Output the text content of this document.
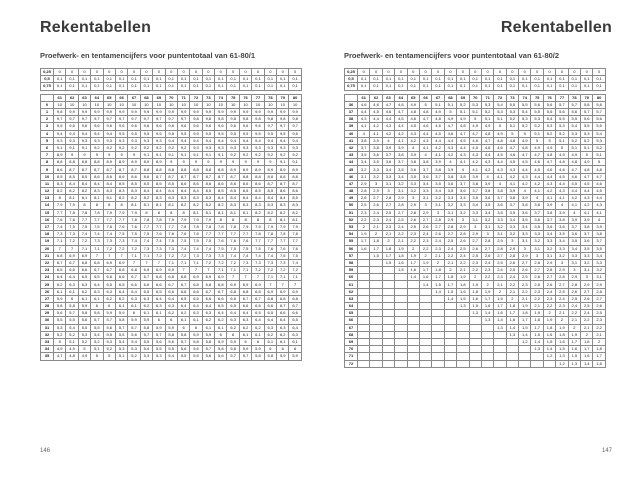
Rekentabellen
Proefwerk- en tentamencijfers voor puntentotaal van 61-80/1
0,25	0	0	0	0	0	0	0	0	0	0	0	0	0	0	0	0	0	0	0	0
0,5	0,1	0,1	0,1	0,1	0,1	0,1	0,1	0,1	0,1	0,1	0,1	0,1	0,1	0,1	0,1	0,1	0,1	0,1	0,1	0,1
0,75	0,1	0,1	0,1	0,1	0,1	0,1	0,1	0,1	0,1	0,1	0,1	0,1	0,1	0,1	0,1	0,1	0,1	0,1	0,1	0,1

	61	62	63	64	65	66	67	68	69	70	71	72	73	74	75	76	77	78	79	80
0	10	10	10	10	10	10	10	10	10	10	10	10	10	10	10	10	10	10	10	10
1	9,8	9,9	9,9	9,9	9,9	9,9	9,9	9,9	9,9	9,9	9,9	9,9	9,9	9,9	9,9	9,9	9,9	9,9	9,9	9,9
2	9,7	9,7	9,7	9,7	9,7	9,7	9,7	9,7	9,7	9,7	9,7	9,8	9,8	9,8	9,8	9,8	9,8	9,8	9,8	9,8
3	9,5	9,6	9,6	9,6	9,6	9,6	9,6	9,6	9,6	9,6	9,6	9,6	9,6	9,6	9,6	9,6	9,6	9,7	9,7	9,7
4	9,4	9,4	9,4	9,4	9,4	9,5	9,5	9,5	9,5	9,5	9,5	9,5	9,5	9,5	9,5	9,5	9,5	9,5	9,5	9,6
5	9,3	9,3	9,3	9,3	9,3	9,3	9,3	9,3	9,3	9,4	9,4	9,4	9,4	9,4	9,4	9,4	9,4	9,4	9,4	9,4
6	9,1	9,1	9,1	9,2	9,2	9,2	9,2	9,2	9,2	9,2	9,2	9,3	9,3	9,3	9,3	9,3	9,3	9,3	9,3	9,3
7	8,9	9	9	9	9	9	9	9,1	9,1	9,1	9,1	9,1	9,1	9,1	9,2	9,2	9,2	9,2	9,2	9,2
8	8,8	8,8	8,8	8,8	8,9	8,9	8,9	8,9	8,9	9	9	9	9	9	9	9	9	9	9,1	9,1
9	8,6	8,7	8,7	8,7	8,7	8,7	8,7	8,8	8,8	8,8	8,8	8,8	8,8	8,8	8,9	8,9	8,9	8,9	8,9	8,9
10	8,5	8,5	8,5	8,6	8,6	8,6	8,6	8,6	8,7	8,7	8,7	8,7	8,7	8,7	8,7	8,8	8,8	8,8	8,8	8,8
11	8,3	8,4	8,4	8,4	8,4	8,5	8,5	8,5	8,5	8,5	8,6	8,6	8,6	8,6	8,6	8,6	8,6	8,7	8,7	8,7
12	8,2	8,2	8,2	8,3	8,3	8,3	8,3	8,4	8,4	8,4	8,4	8,4	8,5	8,5	8,5	8,5	8,5	8,5	8,6	8,6
13	8	8,1	8,1	8,1	8,1	8,2	8,2	8,2	8,3	8,3	8,3	8,3	8,3	8,4	8,4	8,4	8,4	8,4	8,4	8,5
14	7,9	7,9	8	8	8	8	8,1	8,1	8,1	8,1	8,2	8,2	8,2	8,2	8,3	8,3	8,3	8,3	8,3	8,3
15	7,7	7,8	7,8	7,8	7,9	7,9	7,9	8	8	8	8	8,1	8,1	8,1	8,1	8,1	8,2	8,2	8,2	8,2
16	7,6	7,6	7,7	7,7	7,7	7,7	7,8	7,8	7,8	7,9	7,9	7,9	7,9	8	8	8	8	8	8,1	8,1
17	7,4	7,5	7,5	7,5	7,6	7,6	7,6	7,7	7,7	7,7	7,8	7,8	7,8	7,8	7,8	7,9	7,9	7,9	7,9	7,9
18	7,3	7,3	7,4	7,4	7,4	7,5	7,5	7,5	7,6	7,6	7,6	7,6	7,7	7,7	7,7	7,7	7,8	7,8	7,8	7,8
19	7,1	7,2	7,2	7,3	7,3	7,3	7,4	7,4	7,4	7,5	7,5	7,5	7,5	7,6	7,6	7,6	7,7	7,7	7,7	7,7
20	7	7	7,1	7,1	7,2	7,2	7,2	7,3	7,3	7,3	7,4	7,4	7,4	7,5	7,5	7,5	7,5	7,6	7,6	7,6
21	6,8	6,9	6,9	7	7	7	7,1	7,1	7,2	7,2	7,2	7,3	7,3	7,3	7,4	7,4	7,4	7,4	7,5	7,5
22	6,7	6,7	6,8	6,8	6,9	6,9	7	7	7	7,1	7,1	7,1	7,2	7,2	7,2	7,3	7,3	7,3	7,3	7,4
23	6,5	6,6	6,6	6,7	6,7	6,8	6,8	6,9	6,9	6,9	7	7	7	7,1	7,1	7,1	7,2	7,2	7,2	7,2
24	6,4	6,4	6,5	6,5	6,6	6,6	6,7	6,7	6,8	6,8	6,8	6,9	6,9	6,9	7	7	7	7,1	7,1	7,1
25	6,2	6,3	6,3	6,4	6,5	6,5	6,6	6,6	6,6	6,7	6,7	6,8	6,8	6,8	6,9	6,9	6,9	7	7	7
26	6,1	6,1	6,2	6,3	6,3	6,4	6,4	6,5	6,5	6,6	6,6	6,6	6,7	6,7	6,8	6,8	6,8	6,9	6,9	6,9
27	5,9	6	6,1	6,1	6,2	6,2	6,3	6,3	6,4	6,4	6,5	6,5	6,6	6,6	6,6	6,7	6,7	6,8	6,8	6,8
28	5,8	5,8	5,9	6	6	6,1	6,1	6,2	6,3	6,3	6,4	6,4	6,4	6,5	6,5	6,6	6,6	6,6	6,7	6,7
29	5,6	5,7	5,8	5,8	5,9	5,9	6	6,1	6,1	6,2	6,2	6,3	6,3	6,4	6,4	6,4	6,5	6,5	6,6	6,6
30	5,5	5,5	5,6	5,7	5,7	5,8	5,9	5,9	6	6	6,1	6,1	6,2	6,2	6,3	6,3	6,4	6,4	6,4	6,5
31	5,3	5,4	5,5	5,5	5,6	5,7	5,7	5,8	5,9	5,9	6	6	6,1	6,1	6,2	6,2	6,2	6,3	6,3	6,4
32	5,2	5,2	5,3	5,4	5,5	5,5	5,6	5,7	5,7	5,8	5,8	5,9	5,9	6	6	6,1	6,1	6,2	6,2	6,3
33	5	5,1	5,2	5,2	5,3	5,4	5,4	5,5	5,6	5,6	5,7	5,8	5,8	5,9	5,9	6	6	6,1	6,1	6,1
34	4,9	4,9	5	5,1	5,2	5,3	5,3	5,4	5,5	5,5	5,6	5,6	5,7	5,8	5,8	5,9	5,9	6	6	6
35	4,7	4,8	4,9	5	5	5,1	5,2	5,3	5,3	5,4	5,5	5,5	5,6	5,6	5,7	5,7	5,8	5,8	5,9	5,9
146
Rekentabellen
Proefwerk- en tentamencijfers voor puntentotaal van 61-80/2
0,25	0	0	0	0	0	0	0	0	0	0	0	0	0	0	0	0	0	0	0	0
0,5	0,1	0,1	0,1	0,1	0,1	0,1	0,1	0,1	0,1	0,1	0,1	0,1	0,1	0,1	0,1	0,1	0,1	0,1	0,1	0,1
0,75	0,1	0,1	0,1	0,1	0,1	0,1	0,1	0,1	0,1	0,1	0,1	0,1	0,1	0,1	0,1	0,1	0,1	0,1	0,1	0,1

	61	62	63	64	65	66	67	68	69	70	71	72	73	74	75	76	77	78	79	80
36	4,6	4,6	4,7	4,8	4,9	5	5,1	5,1	5,2	5,3	5,3	5,4	5,5	5,5	5,6	5,6	5,7	5,7	5,8	5,8
37	4,4	4,5	4,6	4,7	4,8	4,8	4,9	5	5,1	5,1	5,2	5,3	5,3	5,4	5,5	5,5	5,6	5,6	5,7	5,7
38	4,3	4,4	4,4	4,5	4,6	4,7	4,8	4,9	4,9	5	5,1	5,1	5,2	5,3	5,3	5,4	5,5	5,5	5,6	5,6
39	4,1	4,2	4,3	4,4	4,5	4,6	4,6	4,7	4,8	4,9	4,9	5	5,1	5,2	5,2	5,3	5,3	5,4	5,5	5,5
40	4	4,1	4,2	4,2	4,3	4,4	4,5	4,6	4,7	4,7	4,8	4,9	5	5	5,1	5,2	5,2	5,3	5,3	5,4
41	3,8	3,9	4	4,1	4,2	4,3	4,4	4,4	4,5	4,6	4,7	4,8	4,8	4,9	5	5	5,1	5,2	5,2	5,3
42	3,7	3,8	3,9	3,9	4	4,1	4,2	4,3	4,4	4,5	4,6	4,6	4,7	4,8	4,9	4,9	5	5,1	5,1	5,2
43	3,5	3,6	3,7	3,8	3,9	4	4,1	4,2	4,3	4,3	4,4	4,5	4,6	4,7	4,7	4,8	4,9	4,9	5	5,1
44	3,4	3,5	3,6	3,7	3,8	3,8	3,9	4	4,1	4,2	4,3	4,4	4,5	4,5	4,6	4,7	4,8	4,8	4,9	5
45	3,2	3,3	3,4	3,5	3,6	3,7	3,8	3,9	4	4,1	4,2	4,3	4,3	4,4	4,5	4,6	4,6	4,7	4,8	4,8
46	3,1	3,2	3,3	3,4	3,5	3,6	3,7	3,8	3,8	3,9	4	4,1	4,2	4,3	4,4	4,4	4,5	4,6	4,7	4,7
47	2,9	3	3,1	3,2	3,3	3,4	3,5	3,6	3,7	3,8	3,9	4	4,1	4,2	4,2	4,3	4,4	4,5	4,5	4,6
48	2,8	2,9	3	3,1	3,2	3,3	3,4	3,5	3,6	3,7	3,8	3,8	3,9	4	4,1	4,2	4,3	4,4	4,4	4,5
49	2,6	2,7	2,8	2,9	3	3,1	3,2	3,3	3,4	3,5	3,6	3,7	3,8	3,9	4	4,1	4,1	4,2	4,3	4,4
50	2,5	2,6	2,7	2,8	2,9	3	3,1	3,2	3,3	3,4	3,5	3,6	3,7	3,8	3,8	3,9	4	4,1	4,2	4,3
51	2,3	2,4	2,5	2,7	2,8	2,9	3	3,1	3,2	3,3	3,4	3,5	3,5	3,6	3,7	3,8	3,9	4	4,1	4,1
52	2,2	2,3	2,4	2,5	2,6	2,7	2,8	2,9	3	3,1	3,2	3,3	3,4	3,5	3,6	3,7	3,8	3,9	3,9	4
53	2	2,1	2,3	2,4	2,5	2,6	2,7	2,8	2,9	3	3,1	3,2	3,3	3,4	3,5	3,6	3,6	3,7	3,8	3,9
54	1,9	2	2,1	2,2	2,3	2,4	2,6	2,7	2,8	2,9	3	3,1	3,2	3,3	3,3	3,4	3,5	3,6	3,7	3,8
55	1,7	1,8	2	2,1	2,2	2,3	2,4	2,5	2,6	2,7	2,8	2,9	3	3,1	3,2	3,3	3,4	3,5	3,6	3,7
56	1,6	1,7	1,8	1,9	2	2,2	2,3	2,4	2,5	2,6	2,7	2,8	2,9	3	3,1	3,2	3,3	3,4	3,5	3,5
57		1,5	1,7	1,8	1,9	2	2,1	2,2	2,4	2,5	2,6	2,7	2,8	2,9	3	3,1	3,2	3,3	3,3	3,4
58			1,5	1,6	1,7	1,9	2	2,1	2,2	2,3	2,4	2,5	2,6	2,7	2,8	2,9	3	3,1	3,2	3,3
59				1,5	1,6	1,7	1,8	2	2,1	2,2	2,3	2,4	2,5	2,6	2,7	2,8	2,9	3	3,1	3,2
60					1,4	1,6	1,7	1,8	1,9	2	2,2	2,3	2,4	2,5	2,6	2,7	2,8	2,9	3	3,1
61						1,4	1,5	1,7	1,8	1,9	2	2,1	2,2	2,3	2,5	2,6	2,7	2,8	2,9	2,9
62							1,4	1,5	1,6	1,8	1,9	2	2,1	2,2	2,3	2,4	2,5	2,6	2,7	2,8
63								1,4	1,5	1,6	1,7	1,9	2	2,1	2,2	2,3	2,4	2,5	2,6	2,7
64									1,3	1,5	1,6	1,7	1,8	1,9	2,1	2,2	2,3	2,4	2,5	2,6
65										1,3	1,4	1,6	1,7	1,8	1,9	2	2,1	2,2	2,4	2,5
66											1,3	1,4	1,6	1,7	1,8	1,9	2	2,1	2,2	2,3
67												1,3	1,4	1,5	1,7	1,8	1,9	2	2,1	2,2
68													1,3	1,4	1,5	1,6	1,8	1,9	2	2,1
69														1,2	1,4	1,5	1,6	1,7	1,8	2
70															1,3	1,4	1,5	1,6	1,7	1,8
71																1,2	1,3	1,5	1,6	1,7
72																	1,2	1,3	1,4	1,6
147
